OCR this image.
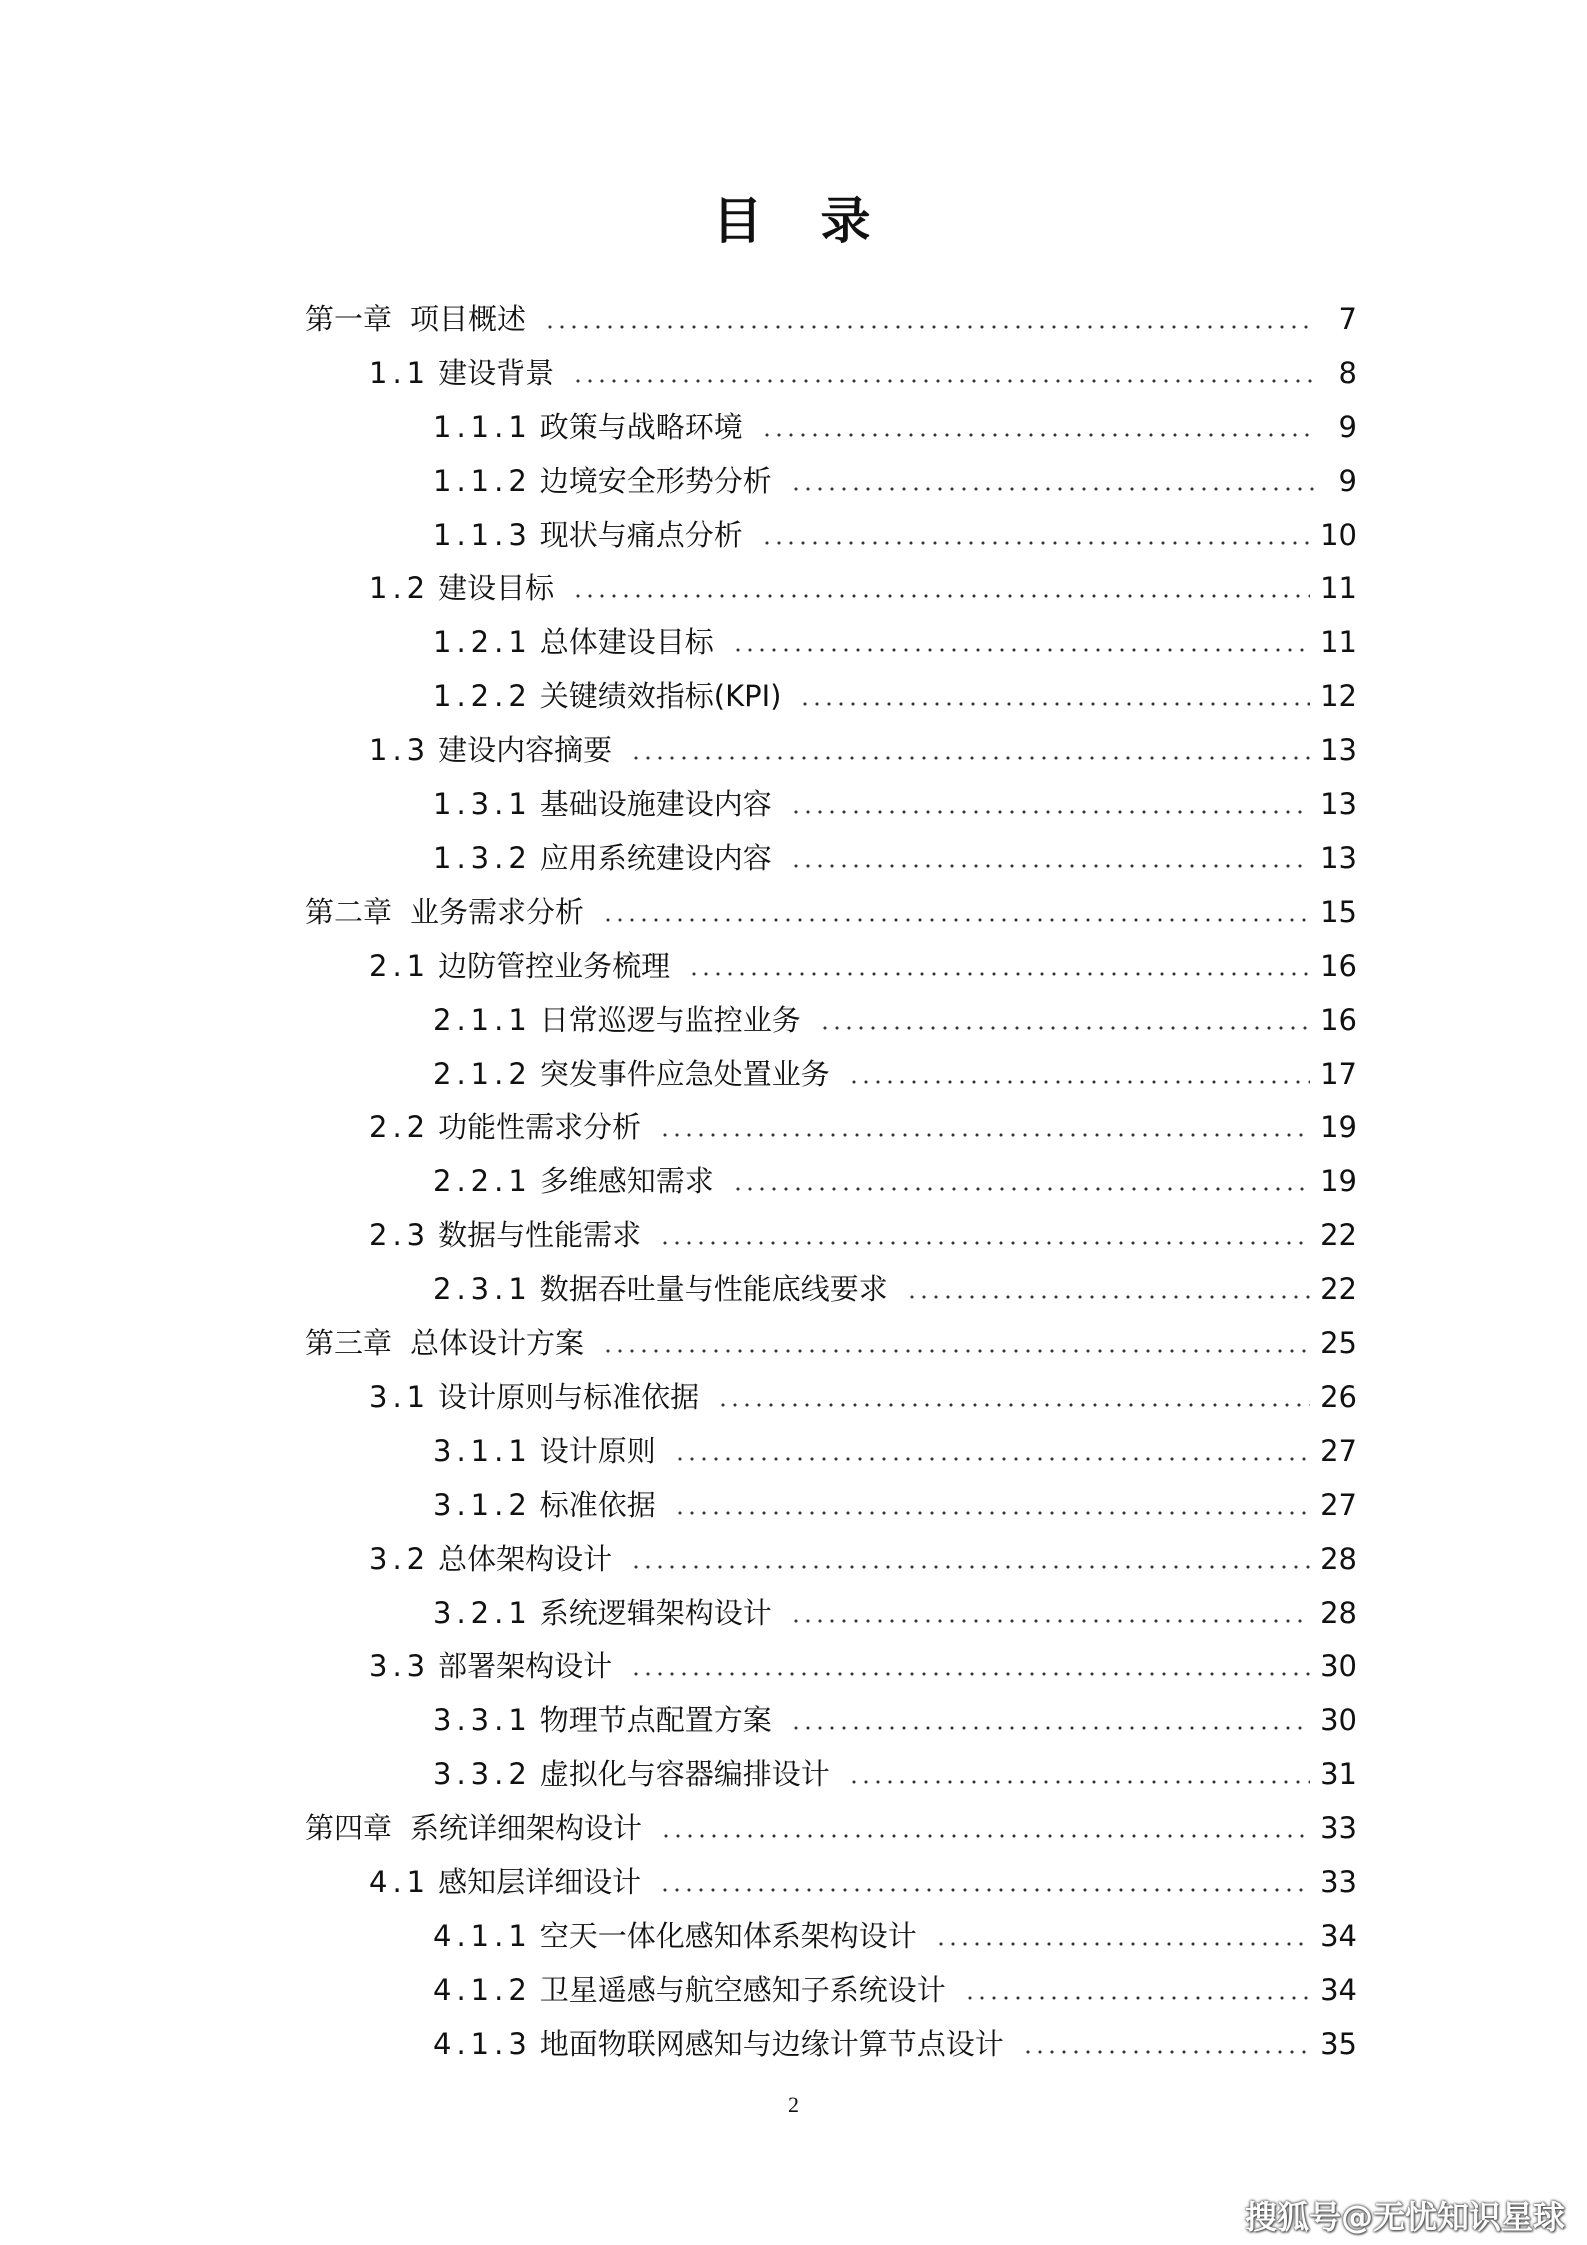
目　录
第一章 项目概述	7
1.1 建设背景	8
1.1.1 政策与战略环境	9
1.1.2 边境安全形势分析	9
1.1.3 现状与痛点分析	10
1.2 建设目标	11
1.2.1 总体建设目标	11
1.2.2 关键绩效指标(KPI)	12
1.3 建设内容摘要	13
1.3.1 基础设施建设内容	13
1.3.2 应用系统建设内容	13
第二章 业务需求分析	15
2.1 边防管控业务梳理	16
2.1.1 日常巡逻与监控业务	16
2.1.2 突发事件应急处置业务	17
2.2 功能性需求分析	19
2.2.1 多维感知需求	19
2.3 数据与性能需求	22
2.3.1 数据吞吐量与性能底线要求	22
第三章 总体设计方案	25
3.1 设计原则与标准依据	26
3.1.1 设计原则	27
3.1.2 标准依据	27
3.2 总体架构设计	28
3.2.1 系统逻辑架构设计	28
3.3 部署架构设计	30
3.3.1 物理节点配置方案	30
3.3.2 虚拟化与容器编排设计	31
第四章 系统详细架构设计	33
4.1 感知层详细设计	33
4.1.1 空天一体化感知体系架构设计	34
4.1.2 卫星遥感与航空感知子系统设计	34
4.1.3 地面物联网感知与边缘计算节点设计	35
2
搜狐号@无忧知识星球
